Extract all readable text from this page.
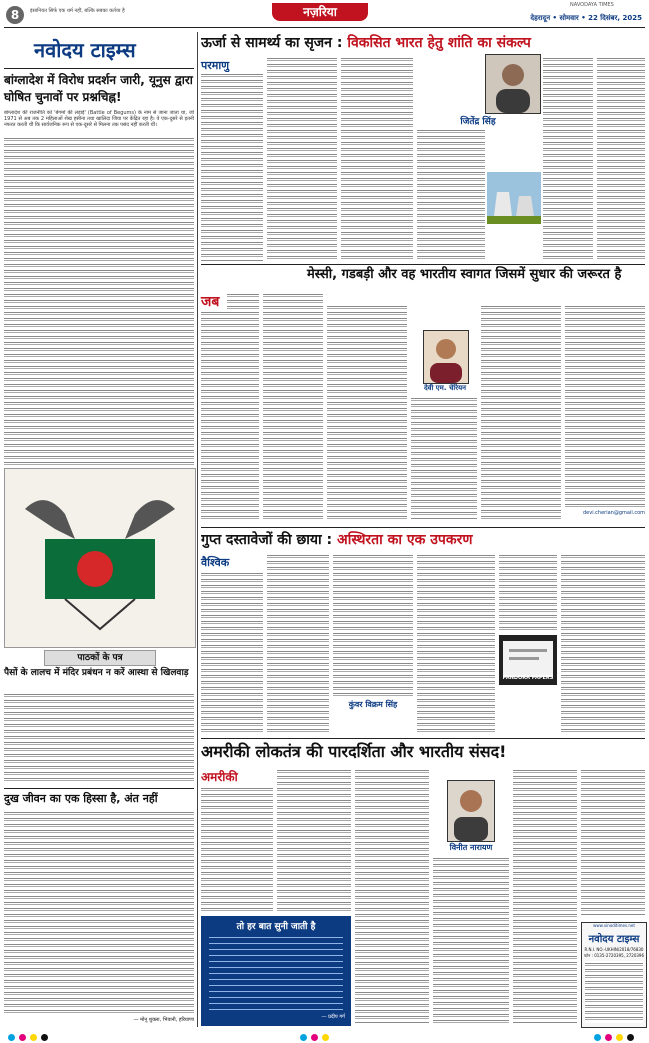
8	इंसानियत सिर्फ एक धर्म नहीं, बल्कि सबका कर्तव्य है	नज़रिया	NAVODAYA TIMES
देहरादून • सोमवार • 22 दिसंबर, 2025
नवोदय टाइम्स
बांग्लादेश में विरोध प्रदर्शन जारी, यूनुस द्वारा घोषित चुनावों पर प्रश्नचिह्न!
बांग्लादेश की राजनीति को 'बेगमों की लड़ाई' (Battle of Begums) के नाम से जाना जाता था, जो 1971 से अब तक 2 महिलाओं शेख हसीना तथा खालिदा जिया पर केंद्रित रहा है। वे एक-दूसरे से इतनी नफरत करती थीं कि सार्वजनिक रूप से एक-दूसरे से मिलना तक पसंद नहीं करती थीं।
पाठकों के पत्र
पैसों के लालच में मंदिर प्रबंधन न करें आस्था से खिलवाड़
दुख जीवन का एक हिस्सा है, अंत नहीं
— मोनू शुक्ला, भिवानी, हरियाणा
ऊर्जा से सामर्थ्य का सृजन : विकसित भारत हेतु शांति का संकल्प
परमाणु
जितेंद्र सिंह
जब
मेस्सी, गडबड़ी और वह भारतीय स्वागत जिसमें सुधार की जरूरत है
देवी एम. चेरियन
devi.cherian@gmail.com
गुप्त दस्तावेजों की छाया : अस्थिरता का एक उपकरण
वैश्विक
कुंवर विक्रम सिंह
PANDORA PAPERS
अमरीकी लोकतंत्र की पारदर्शिता और भारतीय संसद!
अमरीकी
तो हर बात सुनी जाती है
— प्रदीप गर्ग
विनीत नारायण
www.vinoditimes.net
नवोदय टाइम्स
R.N.I. NO.-UKHIN/2018/76830
फोन : 0135-2720395, 2720396
